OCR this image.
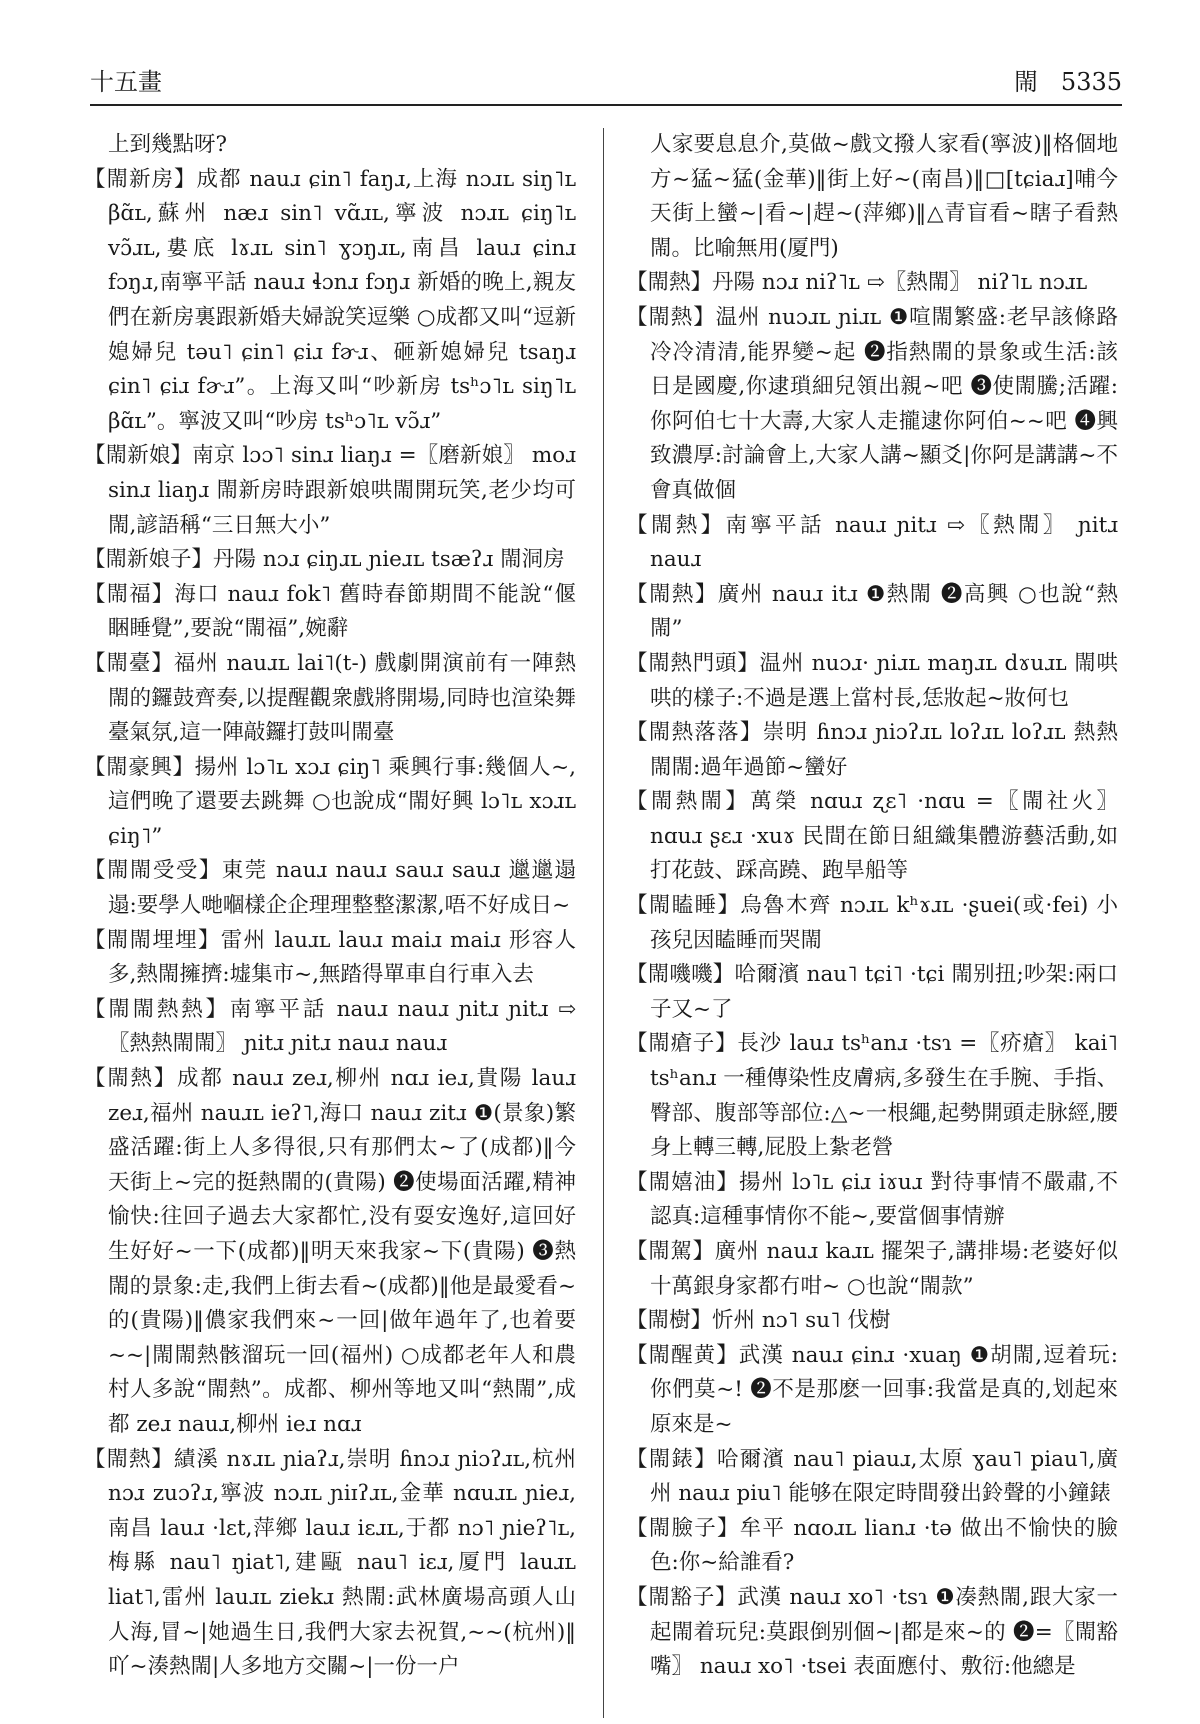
十五畫	閙 5335

上到幾點呀?

【閙新房】成都 nauɹ ɕin˥ faŋɹ,上海 nɔɹʟ siŋ˥ʟ βɑ̃ʟ,蘇州 næɹ sin˥ vɑ̃ɹʟ,寧波 nɔɹʟ ɕiŋ˥ʟ vɔ̃ɹʟ,婁底 lɤɹʟ sin˥ ɣɔŋɹʟ,南昌 lauɹ ɕinɹ fɔŋɹ,南寧平話 nauɹ ɬɔnɹ fɔŋɹ 新婚的晚上,親友們在新房裏跟新婚夫婦說笑逗樂 ○成都又叫“逗新媳婦兒 təu˥ ɕin˥ ɕiɹ fɚɹ、砸新媳婦兒 tsaŋɹ ɕin˥ ɕiɹ fɚɹ”。上海又叫“吵新房 tsʰɔ˥ʟ siŋ˥ʟ βɑ̃ʟ”。寧波又叫“吵房 tsʰɔ˥ʟ vɔ̃ɹ”

【閙新娘】南京 lɔɔ˥ sinɹ liaŋɹ =〖磨新娘〗 moɹ sinɹ liaŋɹ 閙新房時跟新娘哄閙開玩笑,老少均可閙,諺語稱“三日無大小”

【閙新娘子】丹陽 nɔɹ ɕiŋɹʟ ɲieɹʟ tsæʔɹ 閙洞房

【閙福】海口 nauɹ fok˥ 舊時春節期間不能說“偃睏睡覺”,要說“閙福”,婉辭

【閙臺】福州 nauɹʟ lai˥(t-) 戲劇開演前有一陣熱閙的鑼鼓齊奏,以提醒觀衆戲將開場,同時也渲染舞臺氣氛,這一陣敲鑼打鼓叫閙臺

【閙豪興】揚州 lɔ˥ʟ xɔɹ ɕiŋ˥ 乘興行事:幾個人~,這們晚了還要去跳舞 ○也說成“閙好興 lɔ˥ʟ xɔɹʟ ɕiŋ˥”

【閙閙受受】東莞 nauɹ nauɹ sauɹ sauɹ 邋邋遢遢:要學人哋嗰樣企企理理整整潔潔,唔不好成日~

【閙閙埋埋】雷州 lauɹʟ lauɹ maiɹ maiɹ 形容人多,熱閙擁擠:墟集市~,無踏得單車自行車入去

【閙閙熱熱】南寧平話 nauɹ nauɹ ɲitɹ ɲitɹ ⇨〖熱熱閙閙〗 ɲitɹ ɲitɹ nauɹ nauɹ

【閙熱】成都 nauɹ zeɹ,柳州 nɑɹ ieɹ,貴陽 lauɹ zeɹ,福州 nauɹʟ ieʔ˥,海口 nauɹ zitɹ ❶(景象)繁盛活躍:街上人多得很,只有那們太~了(成都)‖今天街上~完的挺熱閙的(貴陽) ❷使場面活躍,精神愉快:往回子過去大家都忙,没有耍安逸好,這回好生好好~一下(成都)‖明天來我家~下(貴陽) ❸熱閙的景象:走,我們上街去看~(成都)‖他是最愛看~的(貴陽)‖儂家我們來~一回|做年過年了,也着要~~|閙閙熱骸溜玩一回(福州) ○成都老年人和農村人多說“閙熱”。成都、柳州等地又叫“熱閙”,成都 zeɹ nauɹ,柳州 ieɹ nɑɹ

【閙熱】績溪 nɤɹʟ ɲiaʔɹ,崇明 ɦnɔɹ ɲiɔʔɹʟ,杭州 nɔɹ zuɔʔɹ,寧波 nɔɹʟ ɲiɪʔɹʟ,金華 nɑuɹʟ ɲieɹ,南昌 lauɹ ·lɛt,萍鄉 lauɹ iɛɹʟ,于都 nɔ˥ ɲieʔ˥ʟ,梅縣 nau˥ ŋiat˥,建甌 nau˥ iɛɹ,厦門 lauɹʟ liat˥,雷州 lauɹʟ ziekɹ 熱閙:武林廣場高頭人山人海,冒~|她過生日,我們大家去祝賀,~~(杭州)‖吖~湊熱閙|人多地方交關~|一份一户

人家要息息介,莫做~戲文撥人家看(寧波)‖格個地方~猛~猛(金華)‖街上好~(南昌)‖□[tɕiaɹ]哺今天街上蠻~|看~|趕~(萍鄉)‖△青盲看~瞎子看熱閙。比喻無用(厦門)

【閙熱】丹陽 nɔɹ niʔ˥ʟ ⇨〖熱閙〗 niʔ˥ʟ nɔɹʟ

【閙熱】温州 nuɔɹʟ ɲiɹʟ ❶喧閙繁盛:老早該條路冷冷清清,能界變~起 ❷指熱閙的景象或生活:該日是國慶,你逮瑣細兒領出親~吧 ❸使閙騰;活躍:你阿伯七十大壽,大家人走攏逮你阿伯~~吧 ❹興致濃厚:討論會上,大家人講~顯爻|你阿是講講~不會真做個

【閙熱】南寧平話 nauɹ ɲitɹ ⇨〖熱閙〗 ɲitɹ nauɹ

【閙熱】廣州 nauɹ itɹ ❶熱閙 ❷高興 ○也說“熱閙”

【閙熱門頭】温州 nuɔɹ· ɲiɹʟ maŋɹʟ dɤuɹʟ 閙哄哄的樣子:不過是選上當村長,恁妝起~妝何乜

【閙熱落落】崇明 ɦnɔɹ ɲiɔʔɹʟ loʔɹʟ loʔɹʟ 熱熱閙閙:過年過節~蠻好

【閙熱閙】萬榮 nɑuɹ ʐɛ˥ ·nɑu =〖閙社火〗 nɑuɹ ʂɛɹ ·xuɤ 民間在節日組織集體游藝活動,如打花鼓、踩高蹺、跑旱船等

【閙瞌睡】烏魯木齊 nɔɹʟ kʰɤɹʟ ·ʂuei(或·fei) 小孩兒因瞌睡而哭閙

【閙嘰嘰】哈爾濱 nau˥ tɕi˥ ·tɕi 閙别扭;吵架:兩口子又~了

【閙瘡子】長沙 lauɹ tsʰanɹ ·tsɿ =〖疥瘡〗 kai˥ tsʰanɹ 一種傳染性皮膚病,多發生在手腕、手指、臀部、腹部等部位:△~一根繩,起勢開頭走脉經,腰身上轉三轉,屁股上紮老營

【閙嬉油】揚州 lɔ˥ʟ ɕiɹ iɤuɹ 對待事情不嚴肅,不認真:這種事情你不能~,要當個事情辦

【閙駕】廣州 nauɹ kaɹʟ 擺架子,講排場:老婆好似十萬銀身家都冇咁~ ○也說“閙款”

【閙樹】忻州 nɔ˥ su˥ 伐樹

【閙醒黄】武漢 nauɹ ɕinɹ ·xuaŋ ❶胡閙,逗着玩:你們莫~! ❷不是那麽一回事:我當是真的,划起來原來是~

【閙錶】哈爾濱 nau˥ piauɹ,太原 ɣau˥ piau˥,廣州 nauɹ piu˥ 能够在限定時間發出鈴聲的小鐘錶

【閙臉子】牟平 nɑoɹʟ lianɹ ·tə 做出不愉快的臉色:你~給誰看?

【閙豁子】武漢 nauɹ xo˥ ·tsɿ ❶凑熱閙,跟大家一起閙着玩兒:莫跟倒别個~|都是來~的 ❷=〖閙豁嘴〗 nauɹ xo˥ ·tsei 表面應付、敷衍:他總是
